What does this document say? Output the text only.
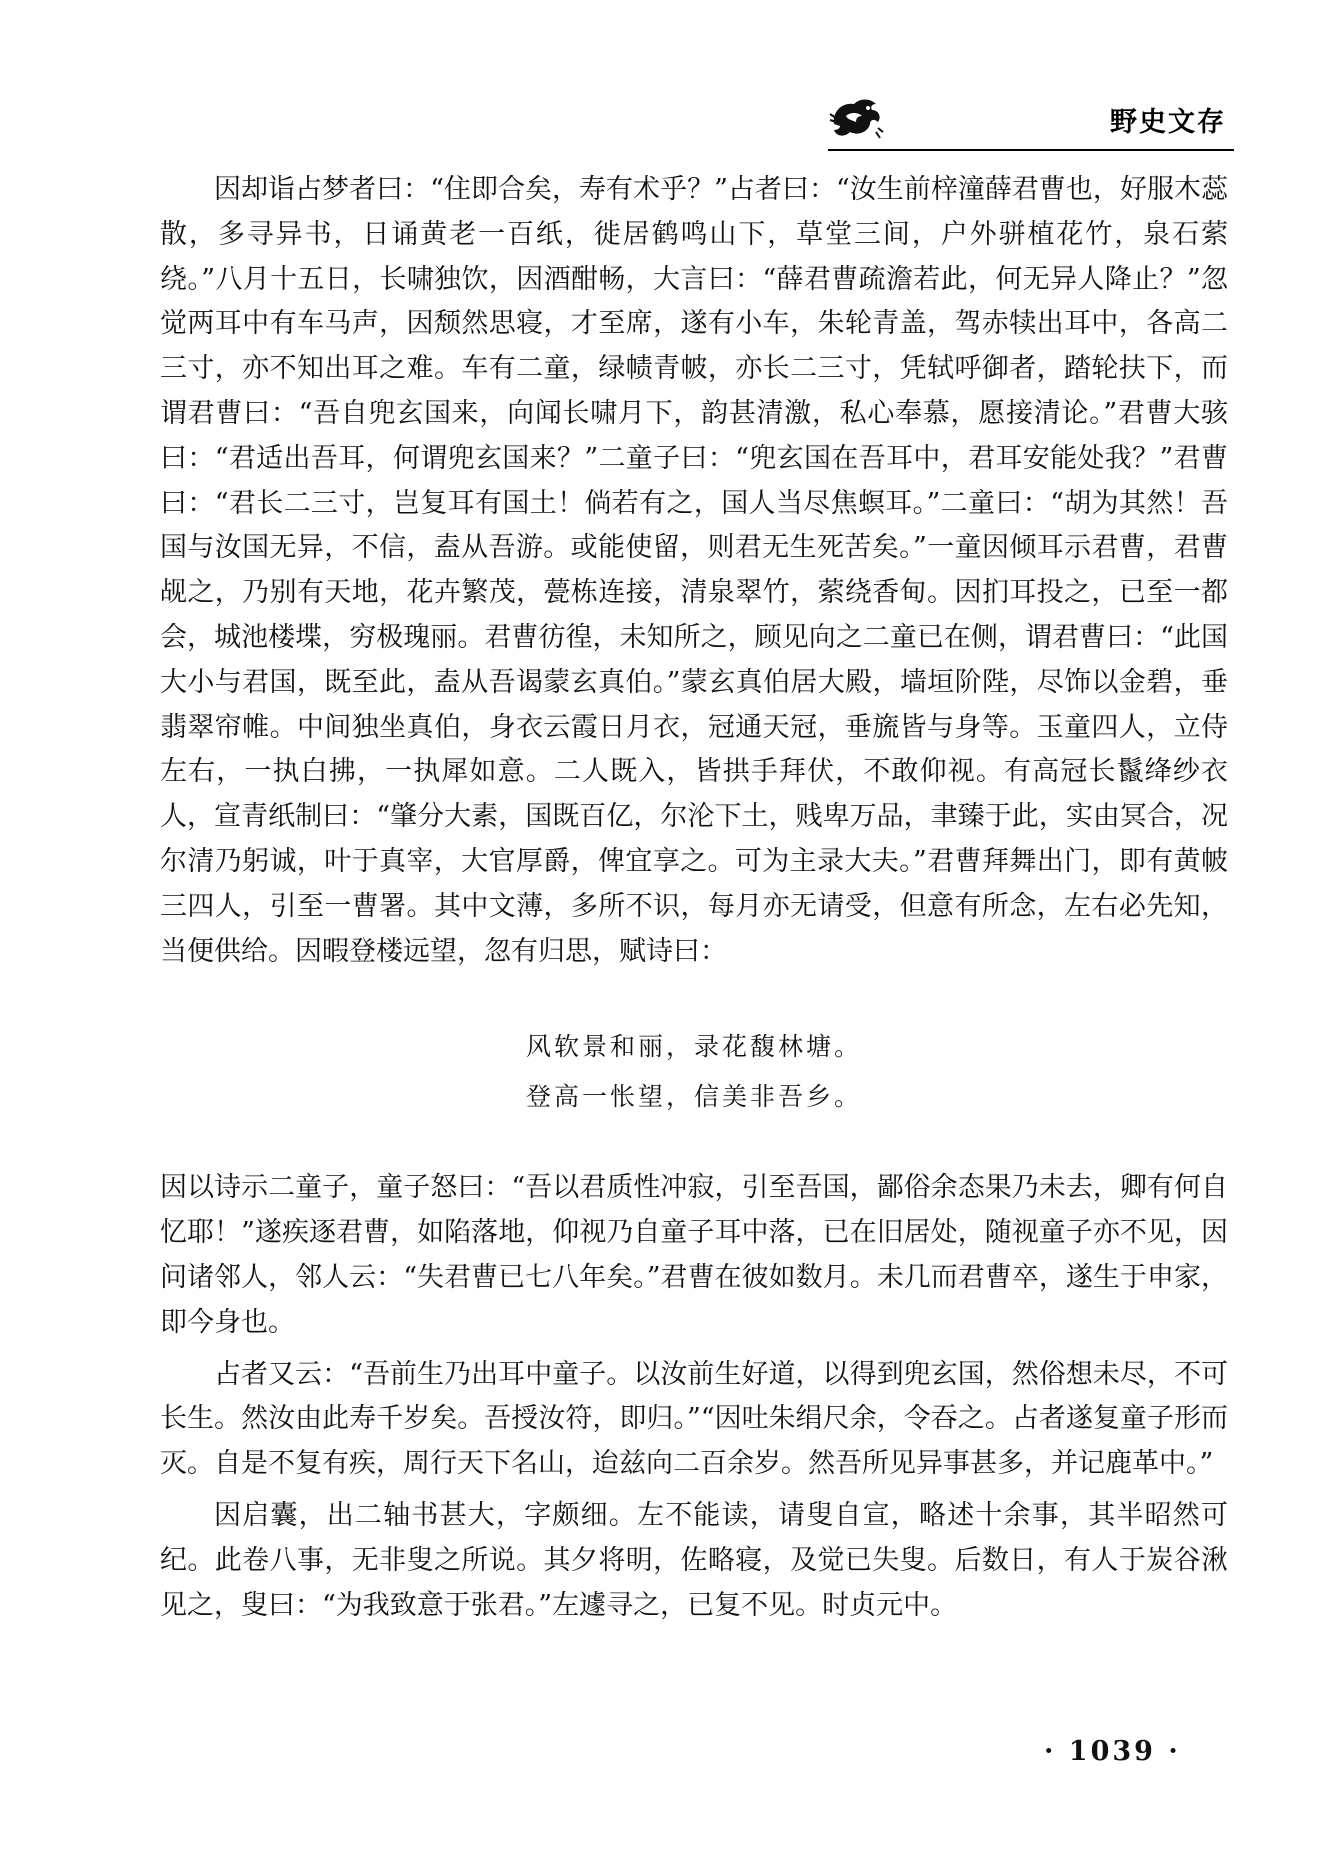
野史文存

因却诣占梦者曰：“住即合矣，寿有术乎？”占者曰：“汝生前梓潼薛君曹也，好服木蕊散，多寻异书，日诵黄老一百纸，徙居鹤鸣山下，草堂三间，户外骈植花竹，泉石萦绕。”八月十五日，长啸独饮，因酒酣畅，大言曰：“薛君曹疏澹若此，何无异人降止？”忽觉两耳中有车马声，因颓然思寝，才至席，遂有小车，朱轮青盖，驾赤犊出耳中，各高二三寸，亦不知出耳之难。车有二童，绿帻青帔，亦长二三寸，凭轼呼御者，踏轮扶下，而谓君曹曰：“吾自兜玄国来，向闻长啸月下，韵甚清激，私心奉慕，愿接清论。”君曹大骇曰：“君适出吾耳，何谓兜玄国来？”二童子曰：“兜玄国在吾耳中，君耳安能处我？”君曹曰：“君长二三寸，岂复耳有国土！倘若有之，国人当尽焦螟耳。”二童曰：“胡为其然！吾国与汝国无异，不信，盍从吾游。或能使留，则君无生死苦矣。”一童因倾耳示君曹，君曹觇之，乃别有天地，花卉繁茂，甍栋连接，清泉翠竹，萦绕香甸。因扪耳投之，已至一都会，城池楼堞，穷极瑰丽。君曹彷徨，未知所之，顾见向之二童已在侧，谓君曹曰：“此国大小与君国，既至此，盍从吾谒蒙玄真伯。”蒙玄真伯居大殿，墙垣阶陛，尽饰以金碧，垂翡翠帘帷。中间独坐真伯，身衣云霞日月衣，冠通天冠，垂旒皆与身等。玉童四人，立侍左右，一执白拂，一执犀如意。二人既入，皆拱手拜伏，不敢仰视。有高冠长鬣绛纱衣人，宣青纸制曰：“肇分大素，国既百亿，尔沦下土，贱卑万品，聿臻于此，实由冥合，况尔清乃躬诚，叶于真宰，大官厚爵，俾宜享之。可为主录大夫。”君曹拜舞出门，即有黄帔三四人，引至一曹署。其中文薄，多所不识，每月亦无请受，但意有所念，左右必先知，当便供给。因暇登楼远望，忽有归思，赋诗曰：

风软景和丽，录花馥林塘。
登高一怅望，信美非吾乡。

因以诗示二童子，童子怒曰：“吾以君质性冲寂，引至吾国，鄙俗余态果乃未去，卿有何自忆耶！”遂疾逐君曹，如陷落地，仰视乃自童子耳中落，已在旧居处，随视童子亦不见，因问诸邻人，邻人云：“失君曹已七八年矣。”君曹在彼如数月。未几而君曹卒，遂生于申家，即今身也。

占者又云：“吾前生乃出耳中童子。以汝前生好道，以得到兜玄国，然俗想未尽，不可长生。然汝由此寿千岁矣。吾授汝符，即归。”“因吐朱绢尺余，令吞之。占者遂复童子形而灭。自是不复有疾，周行天下名山，迨兹向二百余岁。然吾所见异事甚多，并记鹿革中。”

因启囊，出二轴书甚大，字颇细。左不能读，请叟自宣，略述十余事，其半昭然可纪。此卷八事，无非叟之所说。其夕将明，佐略寝，及觉已失叟。后数日，有人于炭谷湫见之，叟曰：“为我致意于张君。”左遽寻之，已复不见。时贞元中。

· 1039 ·
